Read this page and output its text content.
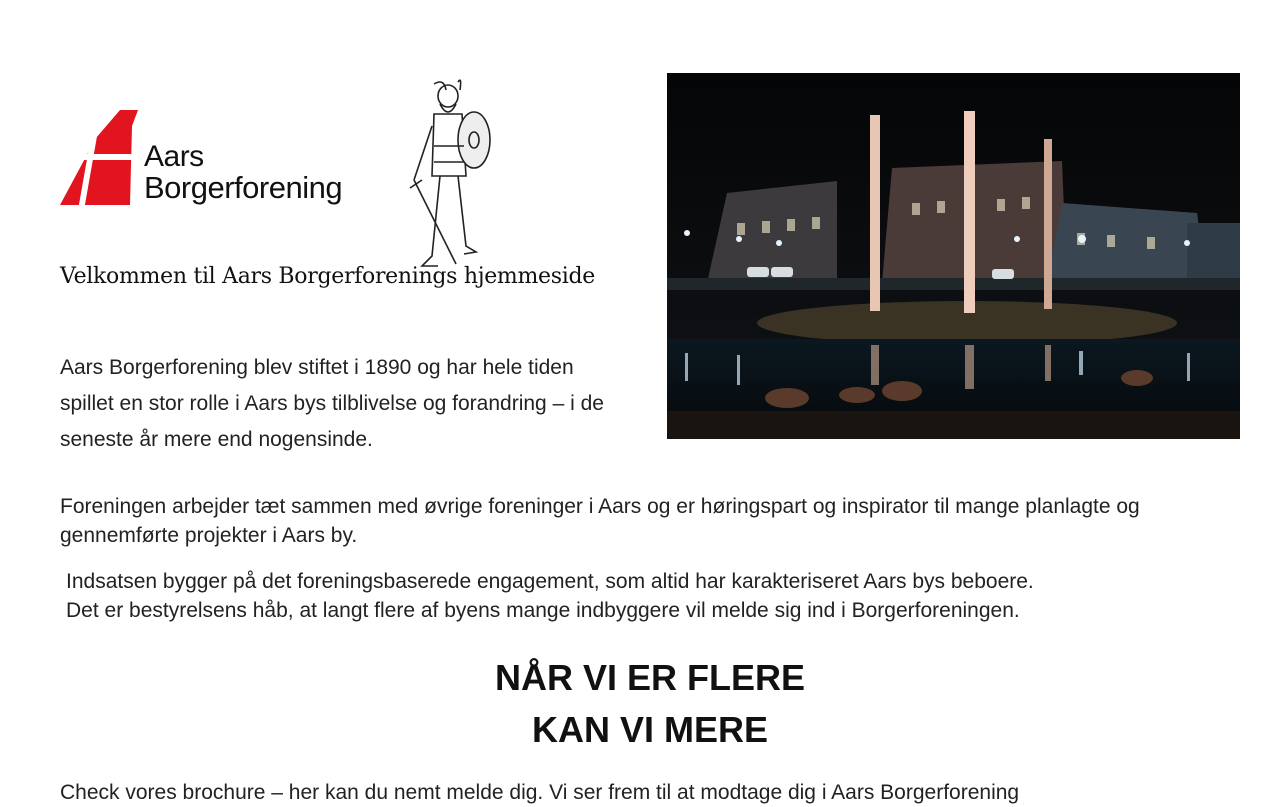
Aars
Borgerforening
Velkommen til Aars Borgerforenings hjemmeside

Aars Borgerforening blev stiftet i 1890 og har hele tiden spillet en stor rolle i Aars bys tilblivelse og forandring – i de seneste år mere end nogensinde.

Foreningen arbejder tæt sammen med øvrige foreninger i Aars og er høringspart og inspirator til mange planlagte og gennemførte projekter i Aars by.

Indsatsen bygger på det foreningsbaserede engagement, som altid har karakteriseret Aars bys beboere.
Det er bestyrelsens håb, at langt flere af byens mange indbyggere vil melde sig ind i Borgerforeningen.

NÅR VI ER FLERE
KAN VI MERE

Check vores brochure – her kan du nemt melde dig. Vi ser frem til at modtage dig i Aars Borgerforening
